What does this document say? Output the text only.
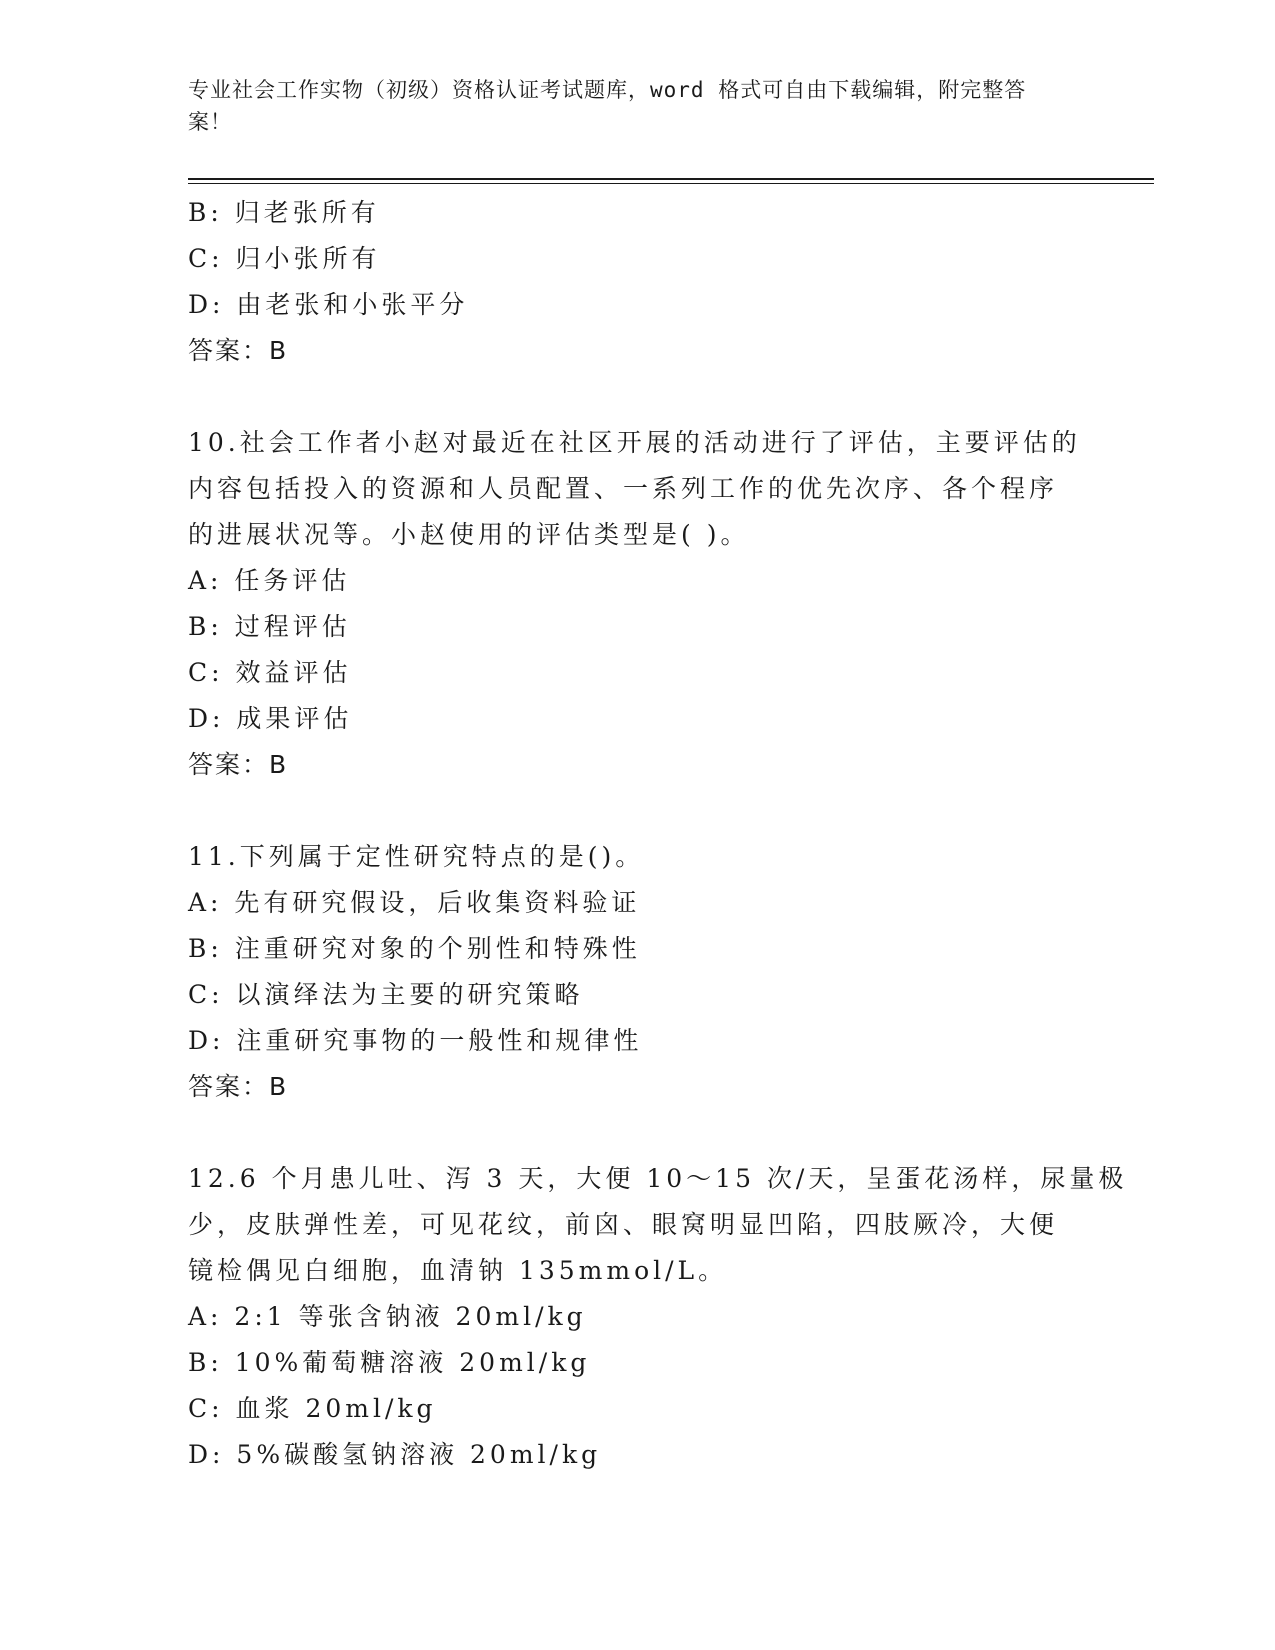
专业社会工作实物（初级）资格认证考试题库，word 格式可自由下载编辑，附完整答案！
B: 归老张所有
C: 归小张所有
D: 由老张和小张平分
答案：B
10.社会工作者小赵对最近在社区开展的活动进行了评估，主要评估的
内容包括投入的资源和人员配置、一系列工作的优先次序、各个程序
的进展状况等。小赵使用的评估类型是( )。
A: 任务评估
B: 过程评估
C: 效益评估
D: 成果评估
答案：B
11.下列属于定性研究特点的是()。
A: 先有研究假设，后收集资料验证
B: 注重研究对象的个别性和特殊性
C: 以演绎法为主要的研究策略
D: 注重研究事物的一般性和规律性
答案：B
12.6 个月患儿吐、泻 3 天，大便 10～15 次/天，呈蛋花汤样，尿量极
少，皮肤弹性差，可见花纹，前囟、眼窝明显凹陷，四肢厥冷，大便
镜检偶见白细胞，血清钠 135mmol/L。
A: 2:1 等张含钠液 20ml/kg
B: 10%葡萄糖溶液 20ml/kg
C: 血浆 20ml/kg
D: 5%碳酸氢钠溶液 20ml/kg
